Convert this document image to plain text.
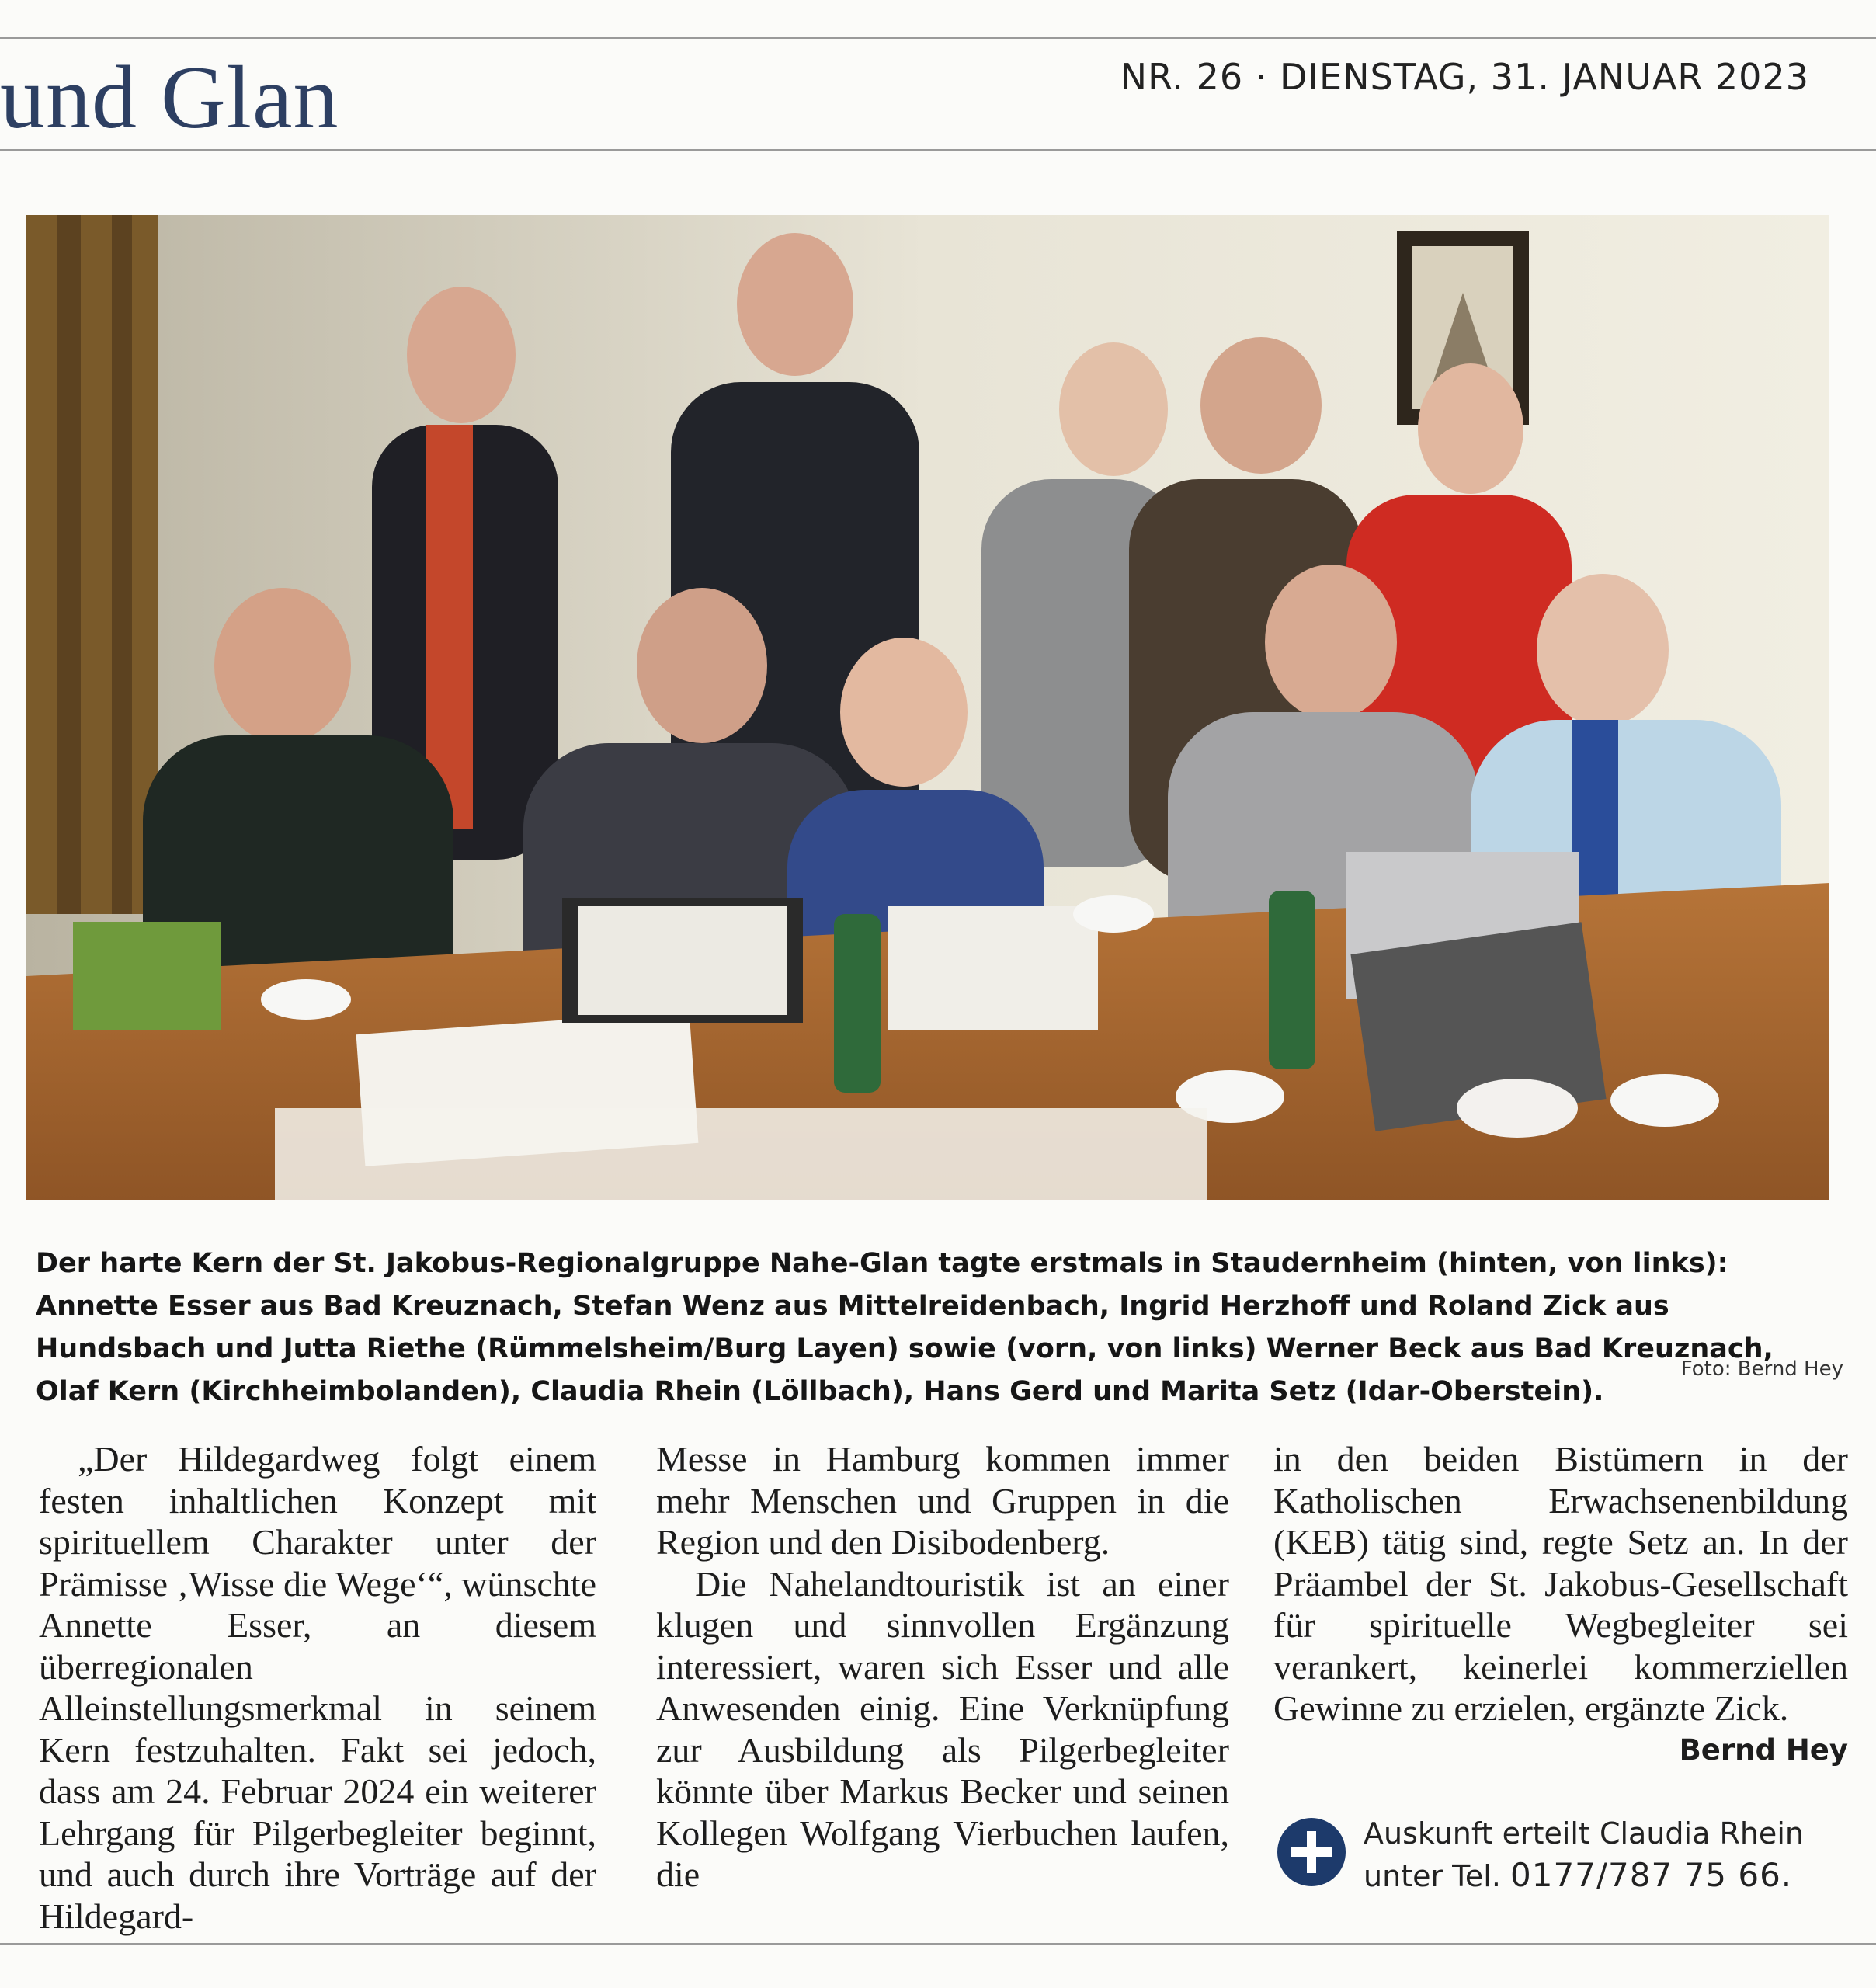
und Glan	NR. 26 · DIENSTAG, 31. JANUAR 2023
Der harte Kern der St. Jakobus-Regionalgruppe Nahe-Glan tagte erstmals in Staudernheim (hinten, von links): Annette Esser aus Bad Kreuznach, Stefan Wenz aus Mittelreidenbach, Ingrid Herzhoff und Roland Zick aus Hundsbach und Jutta Riethe (Rümmelsheim/Burg Layen) sowie (vorn, von links) Werner Beck aus Bad Kreuznach, Olaf Kern (Kirchheimbolanden), Claudia Rhein (Löllbach), Hans Gerd und Marita Setz (Idar-Oberstein).
Foto: Bernd Hey

„Der Hildegardweg folgt einem festen inhaltlichen Konzept mit spirituellem Charakter unter der Prämisse ‚Wisse die Wege‘“, wünschte Annette Esser, an diesem überregionalen Alleinstellungsmerkmal in seinem Kern festzuhalten. Fakt sei jedoch, dass am 24. Februar 2024 ein weiterer Lehrgang für Pilgerbegleiter beginnt, und auch durch ihre Vorträge auf der Hildegard-

Messe in Hamburg kommen immer mehr Menschen und Gruppen in die Region und den Disibodenberg.

Die Nahelandtouristik ist an einer klugen und sinnvollen Ergänzung interessiert, waren sich Esser und alle Anwesenden einig. Eine Verknüpfung zur Ausbildung als Pilgerbegleiter könnte über Markus Becker und seinen Kollegen Wolfgang Vierbuchen laufen, die

in den beiden Bistümern in der Katholischen Erwachsenenbildung (KEB) tätig sind, regte Setz an. In der Präambel der St. Jakobus-Gesellschaft für spirituelle Wegbegleiter sei verankert, keinerlei kommerziellen Gewinne zu erzielen, ergänzte Zick.
Bernd Hey

Auskunft erteilt Claudia Rhein
unter Tel. 0177/787 75 66.
